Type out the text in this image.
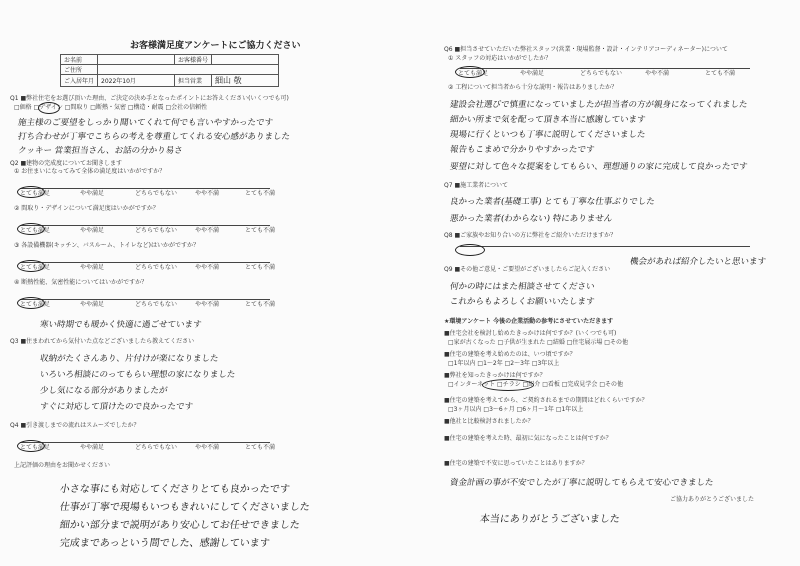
お客様満足度アンケートにご協力ください
お名前		お客様番号	
ご住所			
ご入居年月	2022年10月	担当営業	細山 敬
Q1 ■弊社住宅をお選び頂いた理由、ご決定の決め手となったポイントにお答えください(いくつでも可)
□価格 □デザイン □間取り □断熱・気密 □構造・耐震 □会社の信頼性
施主様のご要望をしっかり聞いてくれて何でも言いやすかったです
打ち合わせが丁寧でこちらの考えを尊重してくれる安心感がありました
クッキー 営業担当さん、お話の分かり易さ
Q2 ■建物の完成度についてお聞きします
① お住まいになってみて全体の満足度はいかがですか？
とても満足	やや満足	どちらでもない	やや不満	とても不満
② 間取り・デザインについて満足度はいかがですか？
とても満足	やや満足	どちらでもない	やや不満	とても不満
③ 各設備機器(キッチン、バスルーム、トイレなど)はいかがですか？
とても満足	やや満足	どちらでもない	やや不満	とても不満
④ 断熱性能、気密性能についてはいかがですか？
とても満足	やや満足	どちらでもない	やや不満	とても不満
寒い時期でも暖かく快適に過ごせています
Q3 ■住まわれてから気付いた点などございましたら教えてください
収納がたくさんあり、片付けが楽になりました
いろいろ相談にのってもらい理想の家になりました
少し気になる部分がありましたが
すぐに対応して頂けたので良かったです
Q4 ■引き渡しまでの流れはスムーズでしたか？
とても満足	やや満足	どちらでもない	やや不満	とても不満
上記評価の理由をお聞かせください
小さな事にも対応してくださりとても良かったです
仕事が丁寧で現場もいつもきれいにしてくださいました
細かい部分まで説明があり安心してお任せできました
完成まであっという間でした、感謝しています
Q6 ■担当させていただいた弊社スタッフ(営業・現場監督・設計・インテリアコーディネーター)について
① スタッフの対応はいかがでしたか？
とても満足	やや満足	どちらでもない	やや不満	とても不満
② 工程について担当者から十分な説明・報告はありましたか？
建設会社選びで慎重になっていましたが担当者の方が親身になってくれました
細かい所まで気を配って頂き本当に感謝しています
現場に行くといつも丁寧に説明してくださいました
報告もこまめで分かりやすかったです
要望に対して色々な提案をしてもらい、理想通りの家に完成して良かったです
Q7 ■施工業者について
良かった業者(基礎工事) とても丁寧な仕事ぶりでした
悪かった業者(わからない) 特にありません
Q8 ■ご家族やお知り合いの方に弊社をご紹介いただけますか？
機会があれば紹介したいと思います
Q9 ■その他ご意見・ご要望がございましたらご記入ください
何かの時にはまた相談させてください
これからもよろしくお願いいたします
★環境アンケート 今後の企業活動の参考にさせていただきます
■住宅会社を検討し始めたきっかけは何ですか？(いくつでも可)
□家が古くなった □子供が生まれた □結婚 □住宅展示場 □その他
■住宅の建築を考え始めたのは、いつ頃ですか？
□1年以内 □1〜2年 □2〜3年 □3年以上
■弊社を知ったきっかけは何ですか？
□インターネット □チラシ □紹介 □看板 □完成見学会 □その他
■住宅の建築を考えてから、ご契約されるまでの期間はどれくらいですか？
□3ヶ月以内 □3〜6ヶ月 □6ヶ月〜1年 □1年以上
■他社と比較検討されましたか？
■住宅の建築を考えた時、最初に気になったことは何ですか？
■住宅の建築で不安に思っていたことはありますか？
資金計画の事が不安でしたが丁寧に説明してもらえて安心できました
本当にありがとうございました
ご協力ありがとうございました
